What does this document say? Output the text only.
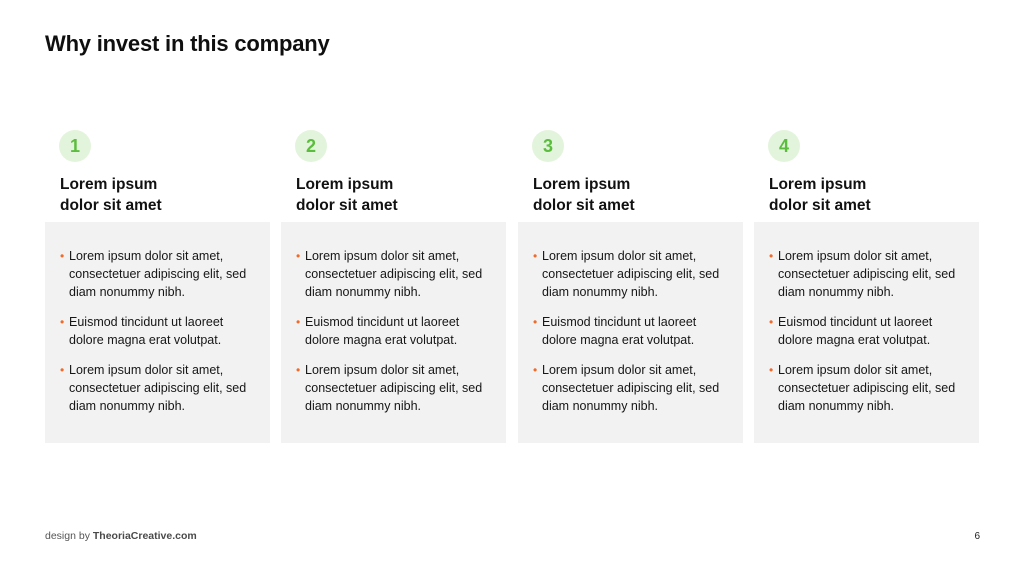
Why invest in this company
1
Lorem ipsum
dolor sit amet
• Lorem ipsum dolor sit amet, consectetuer adipiscing elit, sed diam nonummy nibh.
• Euismod tincidunt ut laoreet dolore magna erat volutpat.
• Lorem ipsum dolor sit amet, consectetuer adipiscing elit, sed diam nonummy nibh.
2
Lorem ipsum
dolor sit amet
• Lorem ipsum dolor sit amet, consectetuer adipiscing elit, sed diam nonummy nibh.
• Euismod tincidunt ut laoreet dolore magna erat volutpat.
• Lorem ipsum dolor sit amet, consectetuer adipiscing elit, sed diam nonummy nibh.
3
Lorem ipsum
dolor sit amet
• Lorem ipsum dolor sit amet, consectetuer adipiscing elit, sed diam nonummy nibh.
• Euismod tincidunt ut laoreet dolore magna erat volutpat.
• Lorem ipsum dolor sit amet, consectetuer adipiscing elit, sed diam nonummy nibh.
4
Lorem ipsum
dolor sit amet
• Lorem ipsum dolor sit amet, consectetuer adipiscing elit, sed diam nonummy nibh.
• Euismod tincidunt ut laoreet dolore magna erat volutpat.
• Lorem ipsum dolor sit amet, consectetuer adipiscing elit, sed diam nonummy nibh.
design by TheoriaCreative.com	6
